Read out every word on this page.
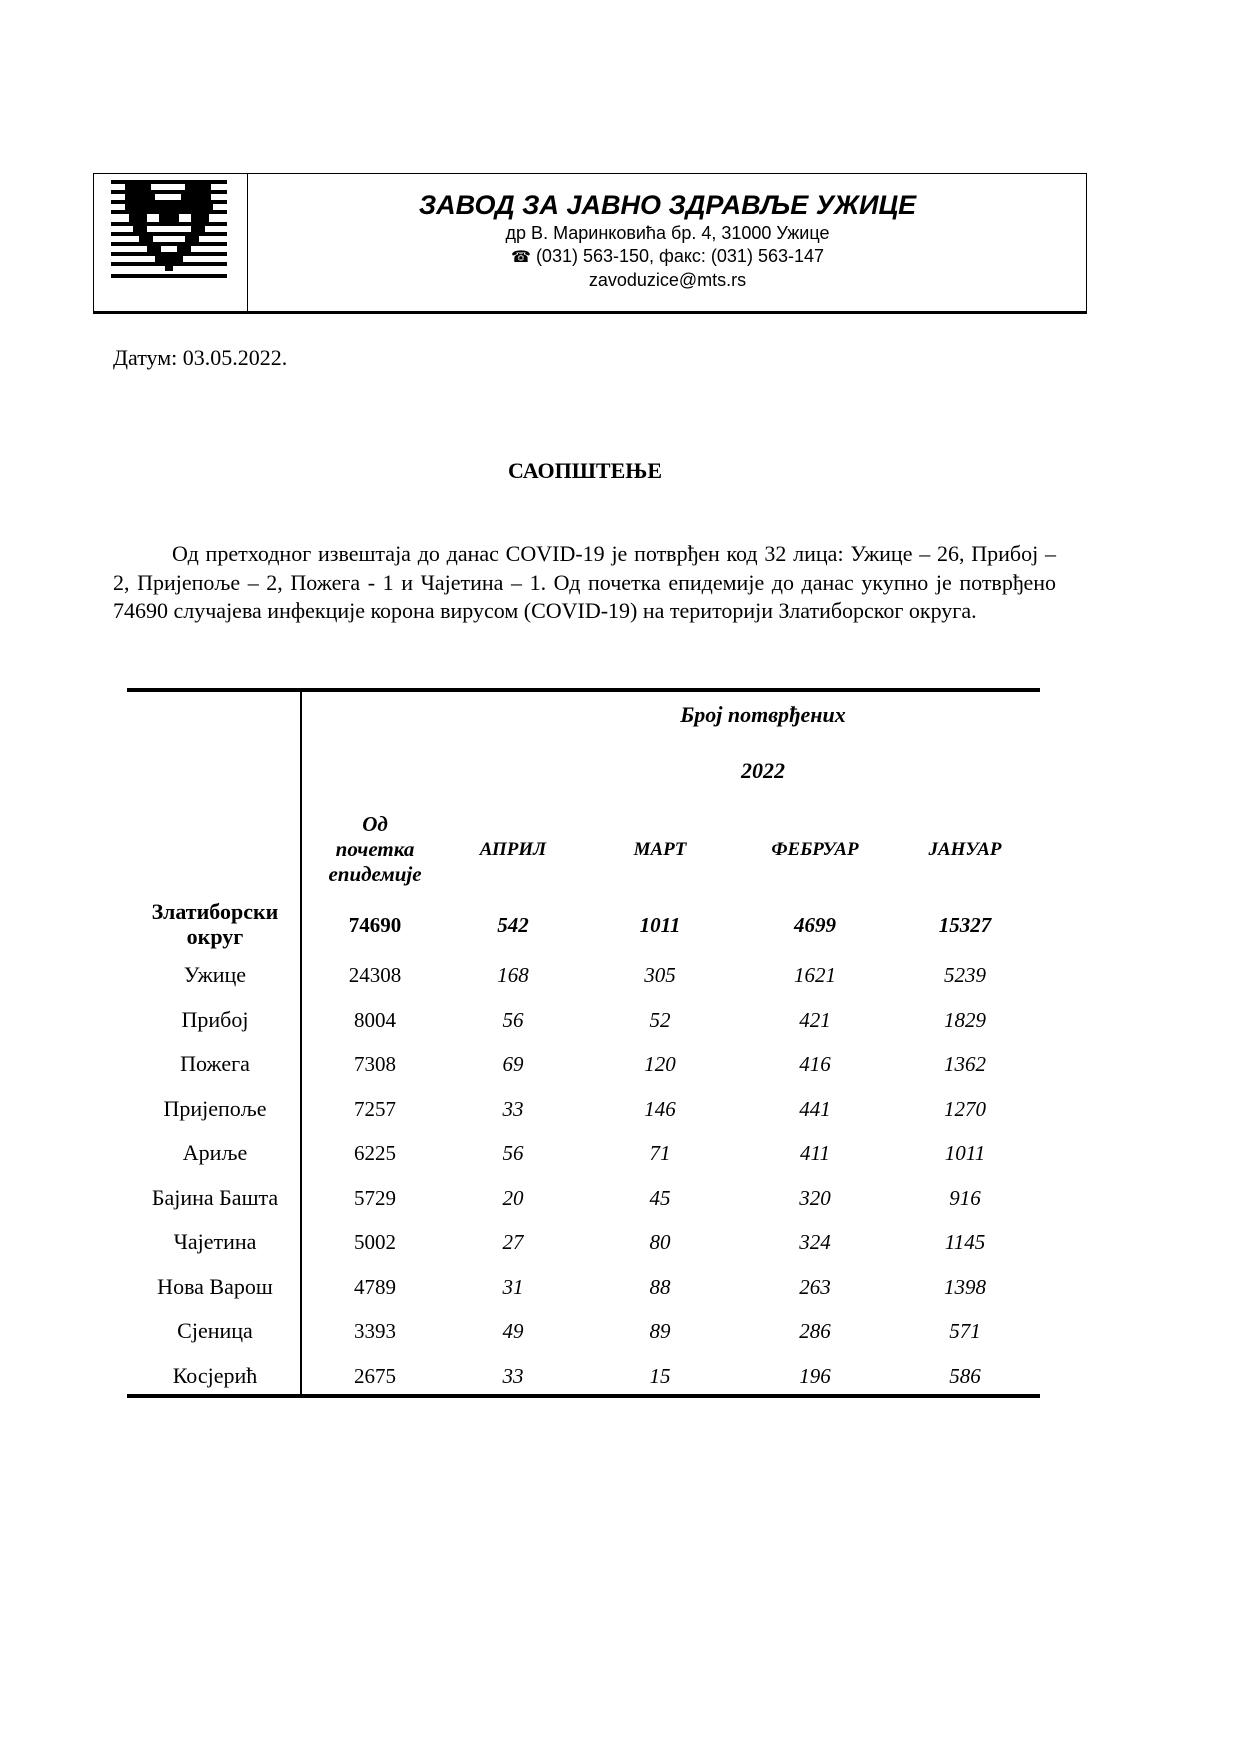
ЗАВОД ЗА ЈАВНО ЗДРАВЉЕ УЖИЦЕ
др В. Маринковића бр. 4, 31000 Ужице
☎ (031) 563-150, факс: (031) 563-147
zavoduzice@mts.rs
Датум: 03.05.2022.
САОПШТЕЊЕ

Од претходног извештаја до данас COVID-19 је потврђен код 32 лица: Ужице – 26, Прибој – 2, Пријепоље – 2, Пожега - 1 и Чајетина – 1. Од почетка епидемије до данас укупно је потврђено 74690 случајева инфекције корона вирусом (COVID-19) на територији Златиборског округа.

Број потврђених
2022
Од
почетка
епидемије
АПРИЛ	МАРТ	ФЕБРУАР	ЈАНУАР
Златиборски
округ	74690	542	1011	4699	15327
Ужице	24308	168	305	1621	5239
Прибој	8004	56	52	421	1829
Пожега	7308	69	120	416	1362
Пријепоље	7257	33	146	441	1270
Ариље	6225	56	71	411	1011
Бајина Башта	5729	20	45	320	916
Чајетина	5002	27	80	324	1145
Нова Варош	4789	31	88	263	1398
Сјеница	3393	49	89	286	571
Косјерић	2675	33	15	196	586
